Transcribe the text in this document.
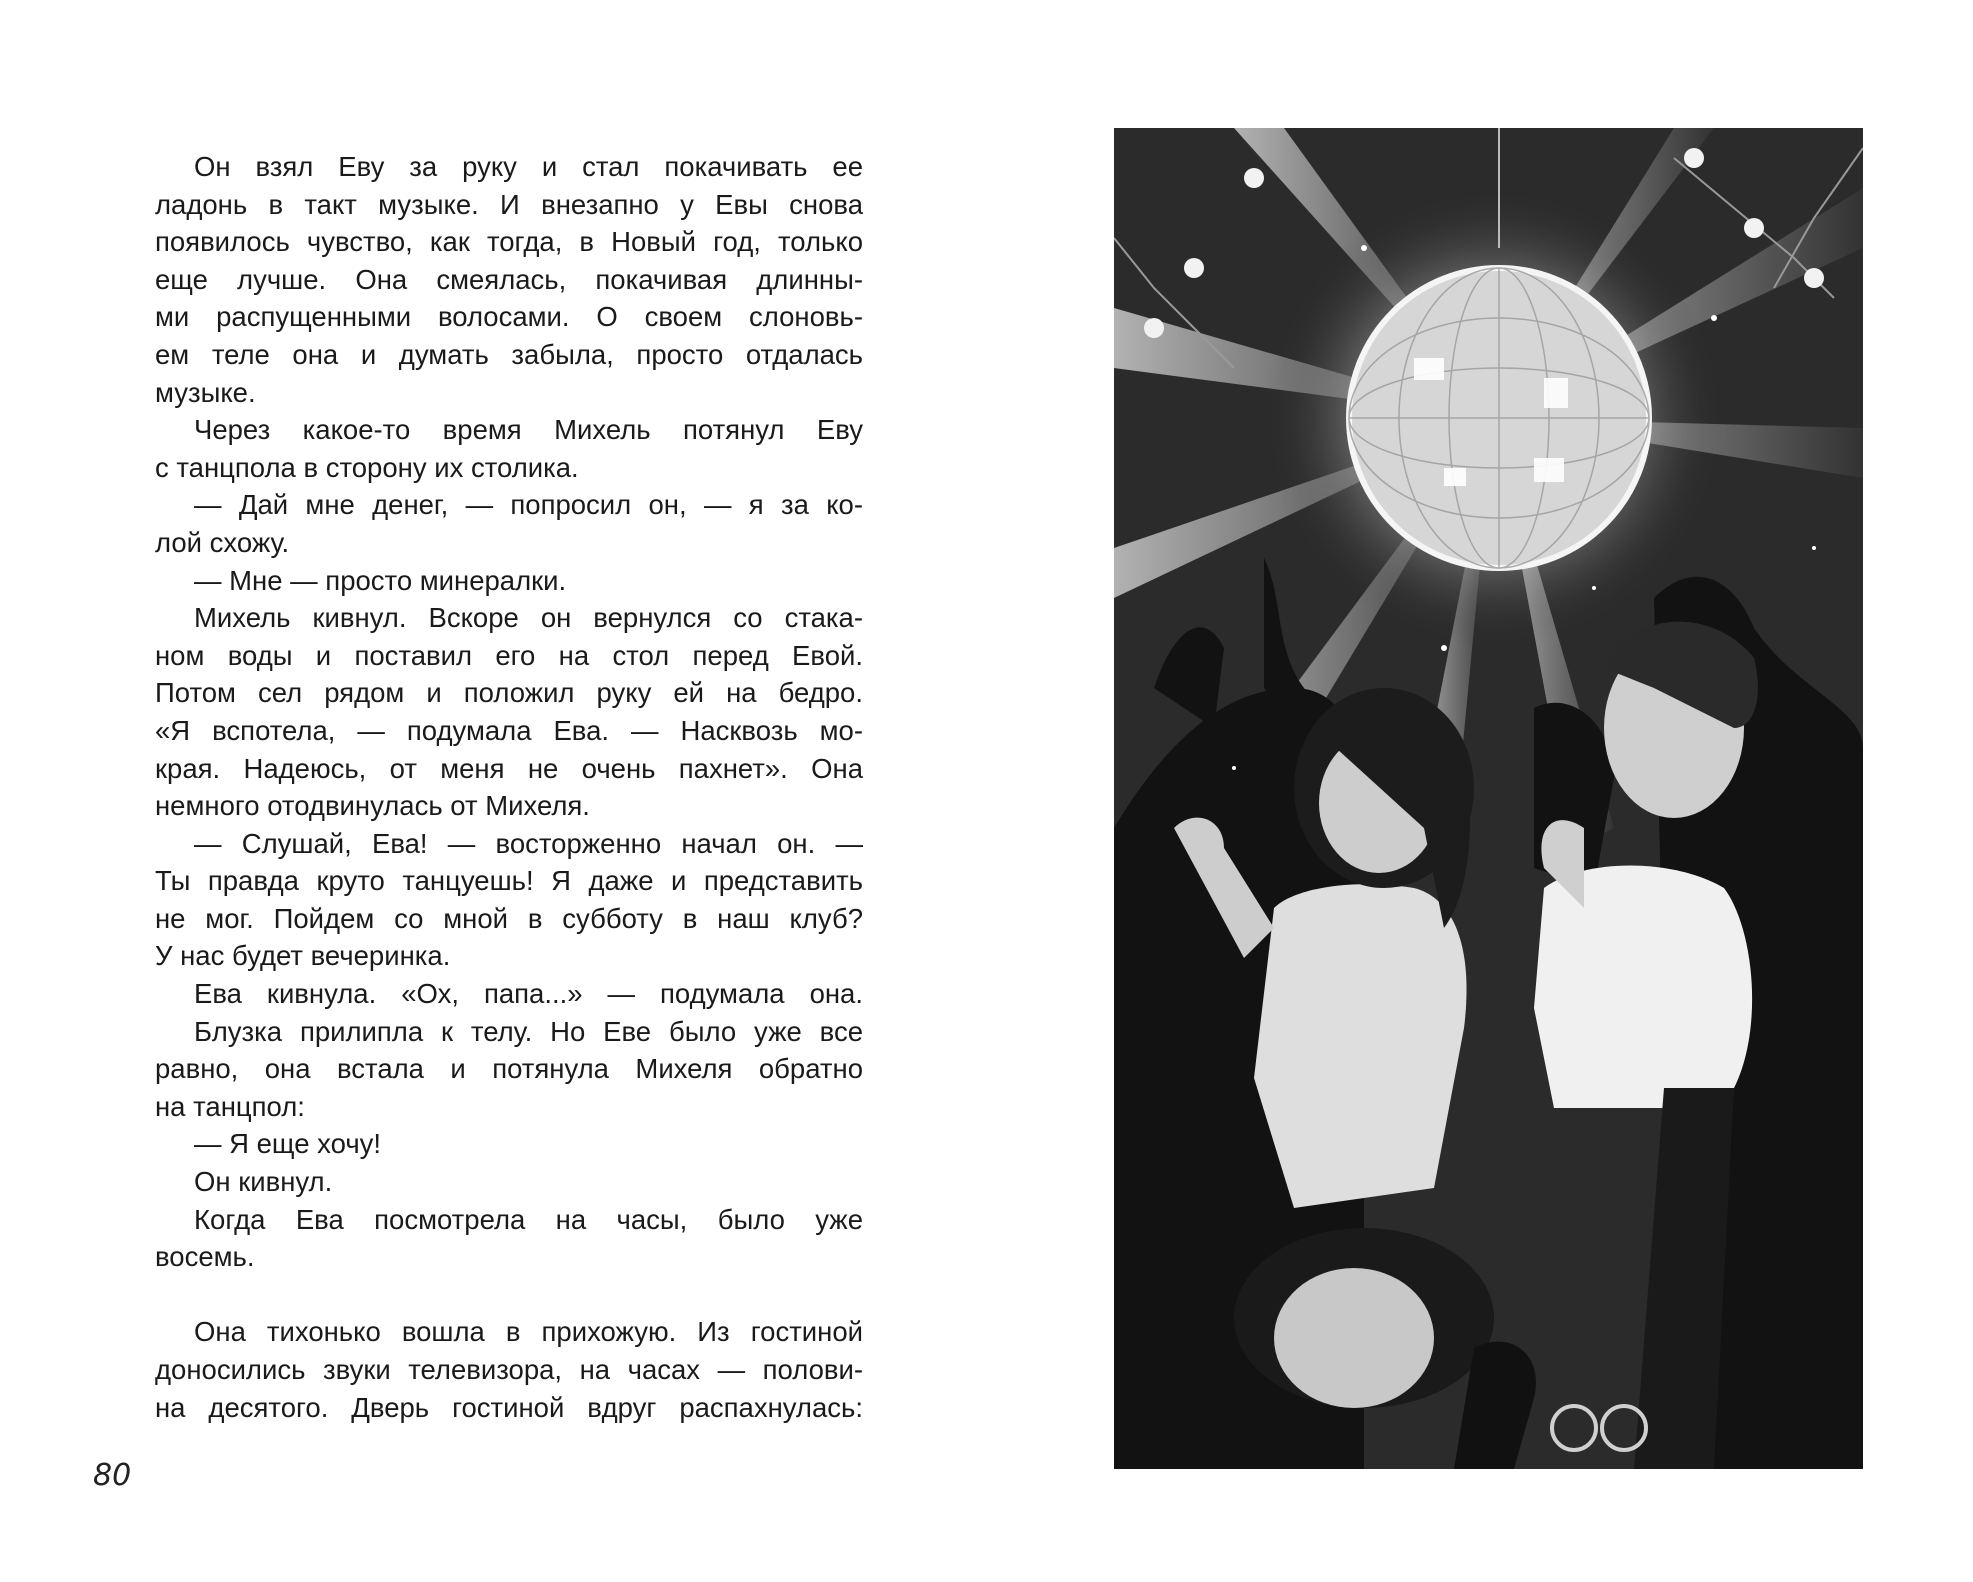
Он взял Еву за руку и стал покачивать ее
ладонь в такт музыке. И внезапно у Евы снова
появилось чувство, как тогда, в Новый год, только
еще лучше. Она смеялась, покачивая длинны-
ми распущенными волосами. О своем слоновь-
ем теле она и думать забыла, просто отдалась
музыке.
Через какое-то время Михель потянул Еву
с танцпола в сторону их столика.
— Дай мне денег, — попросил он, — я за ко-
лой схожу.
— Мне — просто минералки.
Михель кивнул. Вскоре он вернулся со стака-
ном воды и поставил его на стол перед Евой.
Потом сел рядом и положил руку ей на бедро.
«Я вспотела, — подумала Ева. — Насквозь мо-
края. Надеюсь, от меня не очень пахнет». Она
немного отодвинулась от Михеля.
— Слушай, Ева! — восторженно начал он. —
Ты правда круто танцуешь! Я даже и представить
не мог. Пойдем со мной в субботу в наш клуб?
У нас будет вечеринка.
Ева кивнула. «Ох, папа...» — подумала она.
Блузка прилипла к телу. Но Еве было уже все
равно, она встала и потянула Михеля обратно
на танцпол:
— Я еще хочу!
Он кивнул.
Когда Ева посмотрела на часы, было уже
восемь.
Она тихонько вошла в прихожую. Из гостиной
доносились звуки телевизора, на часах — полови-
на десятого. Дверь гостиной вдруг распахнулась:
80
